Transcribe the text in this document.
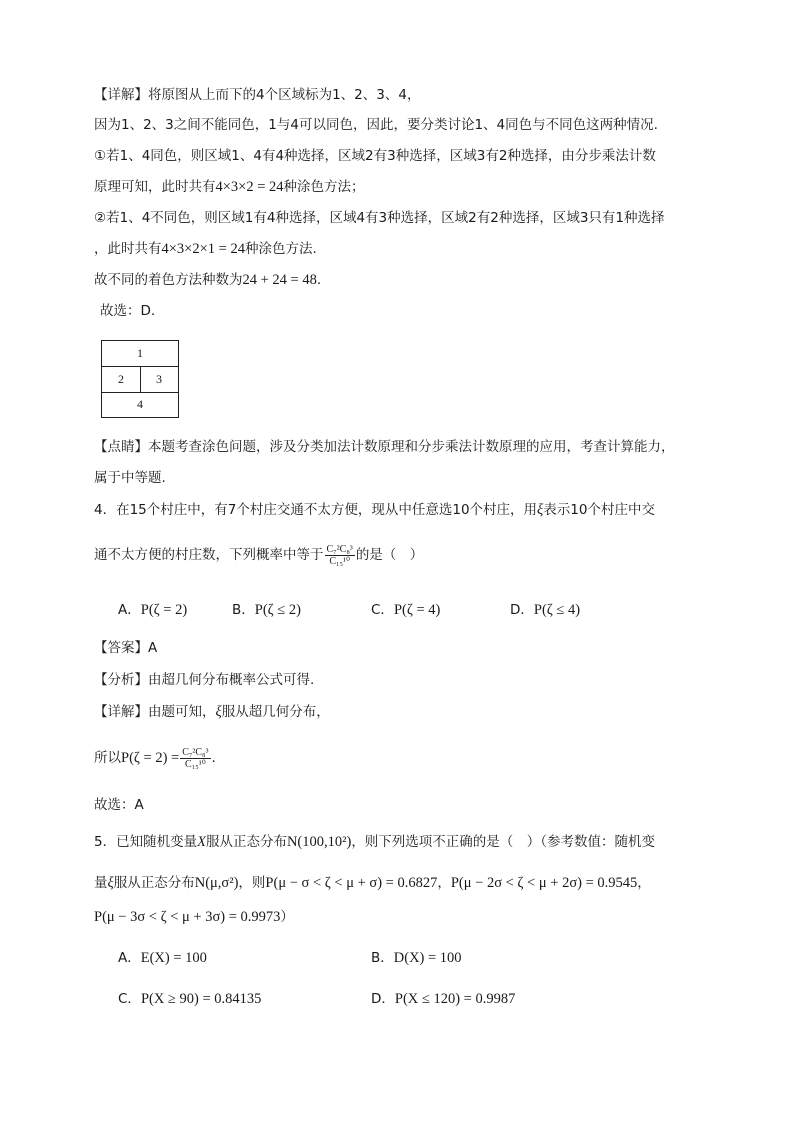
【详解】将原图从上而下的4个区域标为1、2、3、4，
因为1、2、3之间不能同色，1与4可以同色，因此，要分类讨论1、4同色与不同色这两种情况.
①若1、4同色，则区域1、4有4种选择，区域2有3种选择，区域3有2种选择，由分步乘法计数
原理可知，此时共有4×3×2 = 24种涂色方法；
②若1、4不同色，则区域1有4种选择，区域4有3种选择，区域2有2种选择，区域3只有1种选择
，此时共有4×3×2×1 = 24种涂色方法.
故不同的着色方法种数为24 + 24 = 48.
故选：D.
1
2	3
4
【点睛】本题考查涂色问题，涉及分类加法计数原理和分步乘法计数原理的应用，考查计算能力，
属于中等题.
4．在15个村庄中，有7个村庄交通不太方便，现从中任意选10个村庄，用ξ表示10个村庄中交
通不太方便的村庄数，下列概率中等于 $\frac{\text{C₇²C₈³}}{\text{C₁₅¹⁰}}$ 的是（　）
A．P(ζ = 2)	B．P(ζ ≤ 2)	C．P(ζ = 4)	D．P(ζ ≤ 4)
【答案】A
【分析】由超几何分布概率公式可得.
【详解】由题可知，ξ服从超几何分布，
所以$P(\zeta = 2) = \frac{\text{C₇²C₈³}}{\text{C₁₅¹⁰}}$ .
故选：A
5．已知随机变量X服从正态分布N(100,10²)，则下列选项不正确的是（　）（参考数值：随机变
量ξ服从正态分布N(μ,σ²)，则P(μ − σ < ζ < μ + σ) = 0.6827，P(μ − 2σ < ζ < μ + 2σ) = 0.9545，
P(μ − 3σ < ζ < μ + 3σ) = 0.9973）
A．E(X) = 100	B．D(X) = 100
C．P(X ≥ 90) = 0.84135	D．P(X ≤ 120) = 0.9987
